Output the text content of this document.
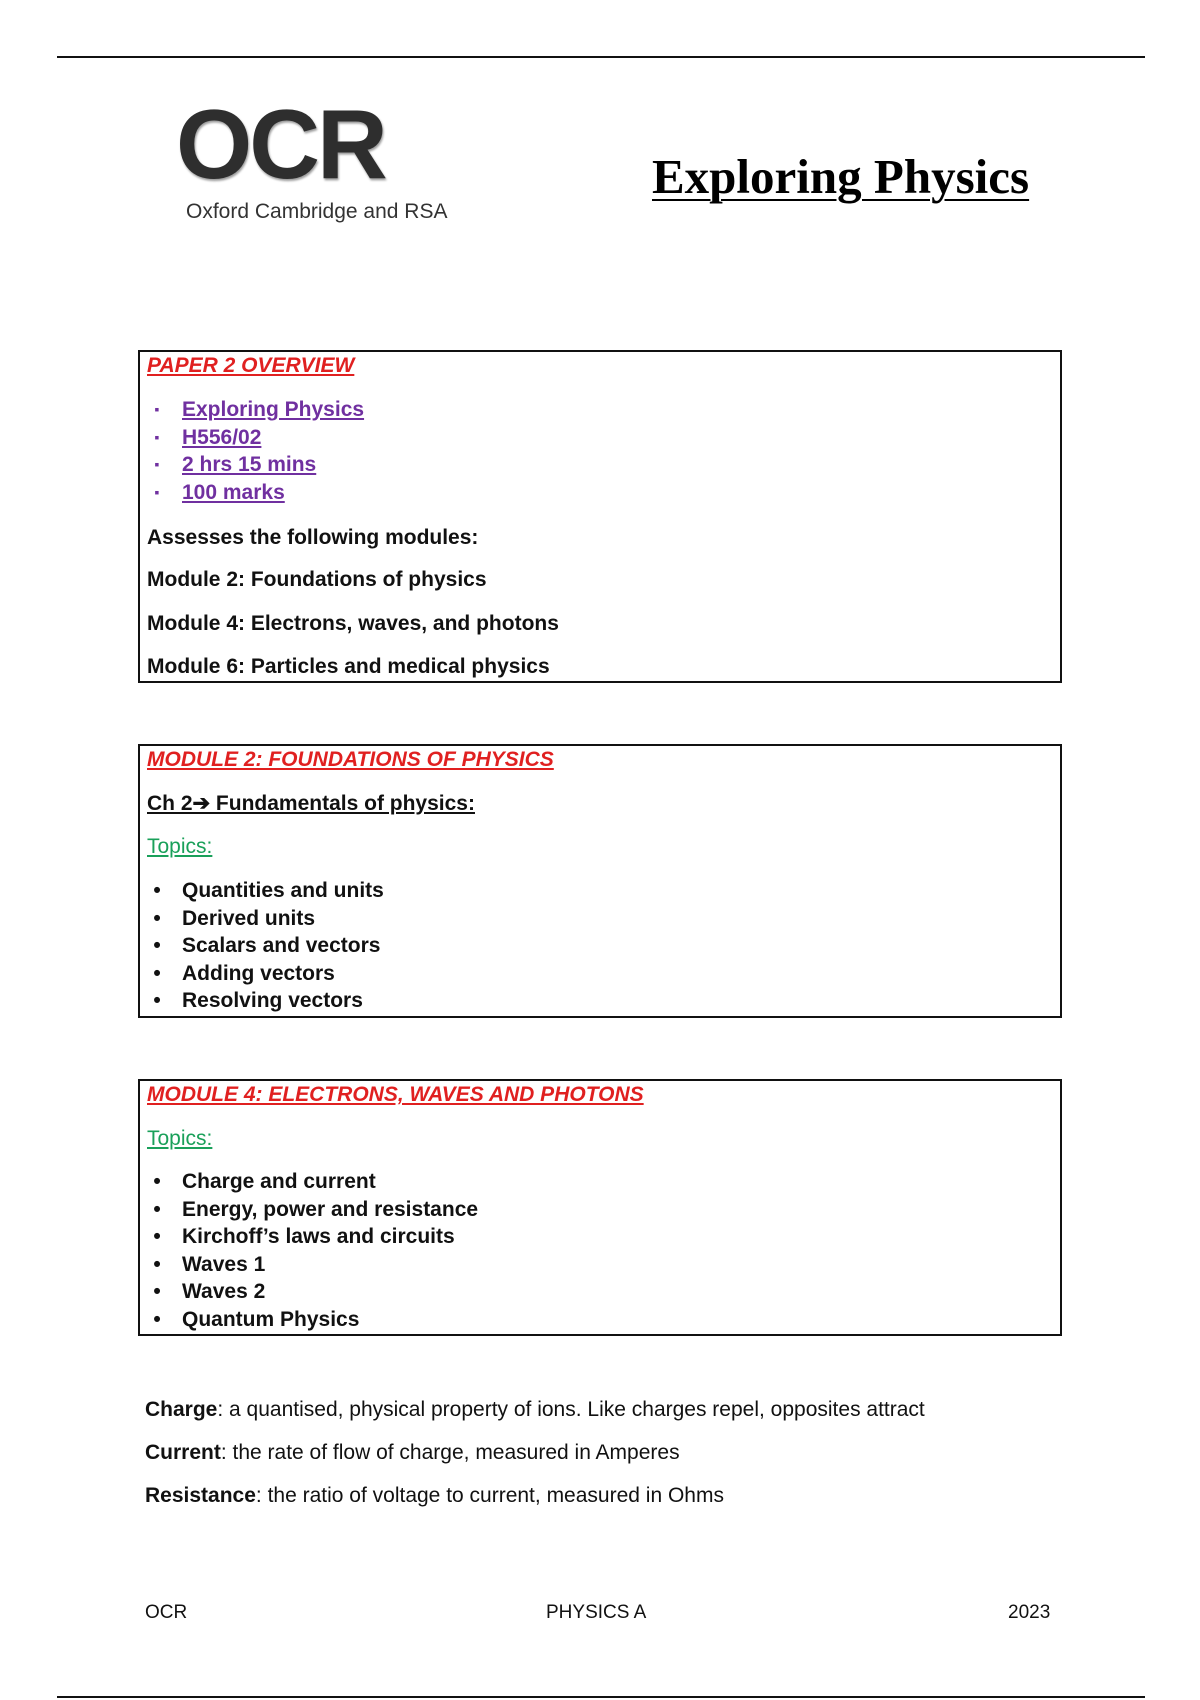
OCR
Oxford Cambridge and RSA
Exploring Physics
PAPER 2 OVERVIEW
▪	Exploring Physics
▪	H556/02
▪	2 hrs 15 mins
▪	100 marks
Assesses the following modules:
Module 2: Foundations of physics
Module 4: Electrons, waves, and photons
Module 6: Particles and medical physics
MODULE 2: FOUNDATIONS OF PHYSICS
Ch 2➔ Fundamentals of physics:
Topics:
•	Quantities and units
•	Derived units
•	Scalars and vectors
•	Adding vectors
•	Resolving vectors
MODULE 4: ELECTRONS, WAVES AND PHOTONS
Topics:
•	Charge and current
•	Energy, power and resistance
•	Kirchoff’s laws and circuits
•	Waves 1
•	Waves 2
•	Quantum Physics
Charge: a quantised, physical property of ions. Like charges repel, opposites attract
Current: the rate of flow of charge, measured in Amperes
Resistance: the ratio of voltage to current, measured in Ohms
OCR	PHYSICS A	2023
